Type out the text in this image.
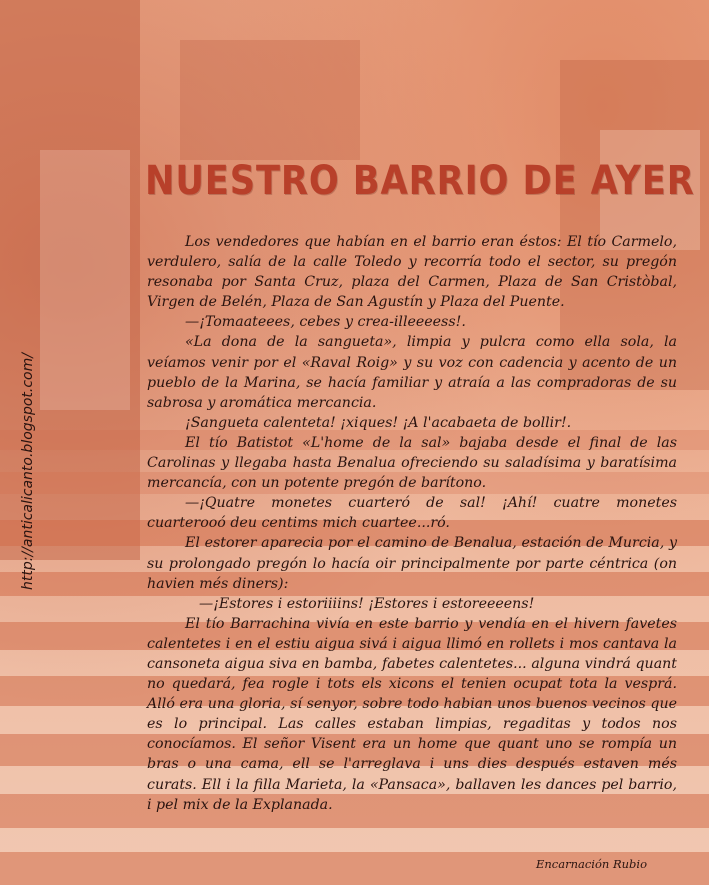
NUESTRO BARRIO DE AYER

Los vendedores que habían en el barrio eran éstos: El tío Carmelo, verdulero, salía de la calle Toledo y recorría todo el sector, su pregón resonaba por Santa Cruz, plaza del Carmen, Plaza de San Cristòbal, Virgen de Belén, Plaza de San Agustín y Plaza del Puente.

—¡Tomaateees, cebes y crea-illeeeess!.

«La dona de la sangueta», limpia y pulcra como ella sola, la veíamos venir por el «Raval Roig» y su voz con cadencia y acento de un pueblo de la Marina, se hacía familiar y atraía a las compradoras de su sabrosa y aromática mercancia.

¡Sangueta calenteta! ¡xiques! ¡A l'acabaeta de bollir!.

El tío Batistot «L'home de la sal» bajaba desde el final de las Carolinas y llegaba hasta Benalua ofreciendo su saladísima y baratísima mercancía, con un potente pregón de barítono.

—¡Quatre monetes cuarteró de sal! ¡Ahí! cuatre monetes cuarterooó deu centims mich cuartee...ró.

El estorer aparecia por el camino de Benalua, estación de Murcia, y su prolongado pregón lo hacía oir principalmente por parte céntrica (on havien més diners):

—¡Estores i estoriiiins! ¡Estores i estoreeeens!

El tío Barrachina vivía en este barrio y vendía en el hivern favetes calentetes i en el estiu aigua sivá i aigua llimó en rollets i mos cantava la cansoneta aigua siva en bamba, fabetes calentetes... alguna vindrá quant no quedará, fea rogle i tots els xicons el tenien ocupat tota la vesprá. Alló era una gloria, sí senyor, sobre todo habian unos buenos vecinos que es lo principal. Las calles estaban limpias, regaditas y todos nos conocíamos. El señor Visent era un home que quant uno se rompía un bras o una cama, ell se l'arreglava i uns dies después estaven més curats. Ell i la filla Marieta, la «Pansaca», ballaven les dances pel barrio, i pel mix de la Explanada.

Encarnación Rubio
http://anticalicanto.blogspot.com/
